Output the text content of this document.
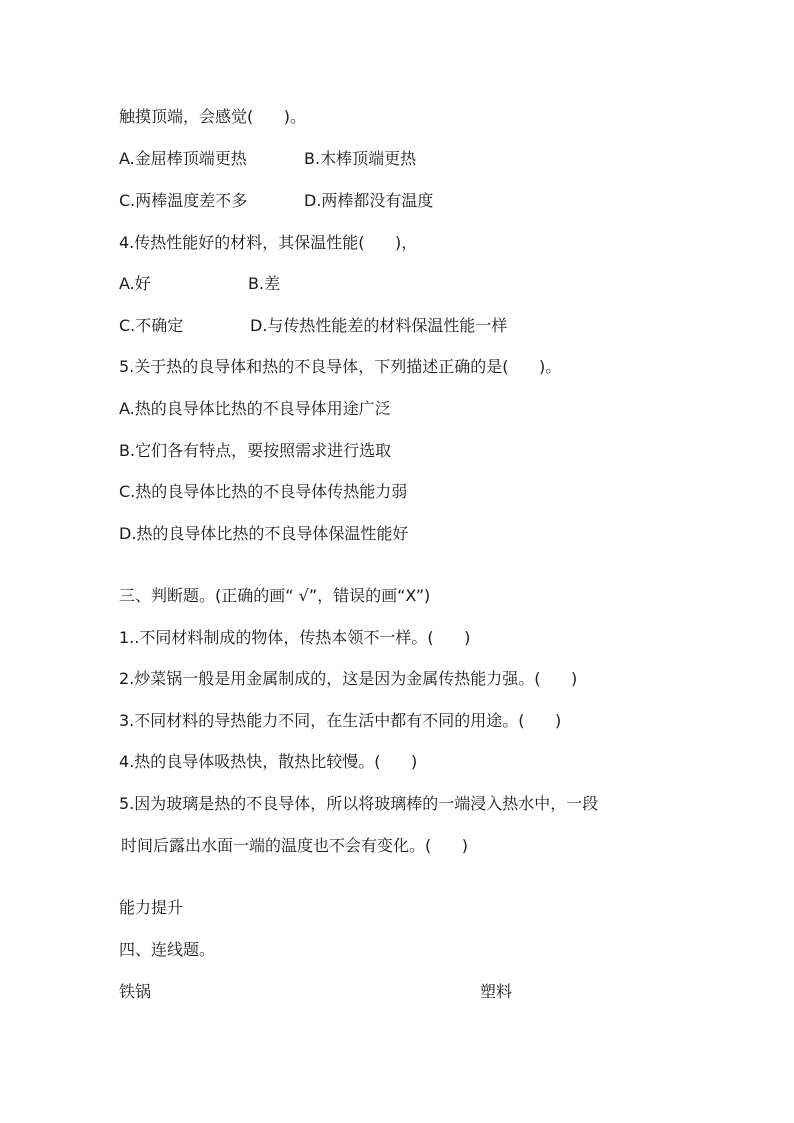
触摸顶端，会感觉(      )。
A.金屈棒顶端更热	B.木棒顶端更热
C.两棒温度差不多	D.两棒都没有温度
4.传热性能好的材料，其保温性能(      )，
A.好	B.差
C.不确定	D.与传热性能差的材料保温性能一样
5.关于热的良导体和热的不良导体，下列描述正确的是(      )。
A.热的良导体比热的不良导体用途广泛
B.它们各有特点，要按照需求进行选取
C.热的良导体比热的不良导体传热能力弱
D.热的良导体比热的不良导体保温性能好
三、判断题。(正确的画“ √”，错误的画“X”)
1..不同材料制成的物体，传热本领不一样。(      )
2.炒菜锅一般是用金属制成的，这是因为金属传热能力强。(      )
3.不同材料的导热能力不同，在生活中都有不同的用途。(      )
4.热的良导体吸热快，散热比较慢。(      )
5.因为玻璃是热的不良导体，所以将玻璃棒的一端浸入热水中，一段
时间后露出水面一端的温度也不会有变化。(      )
能力提升
四、连线题。
铁锅	塑料
